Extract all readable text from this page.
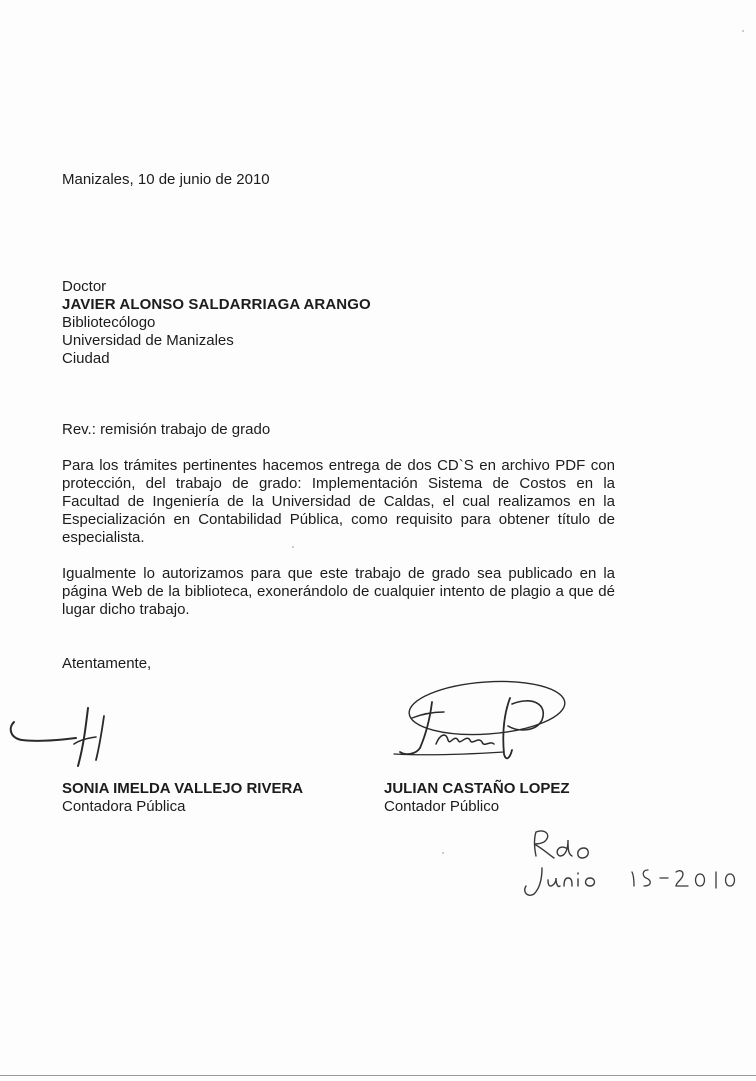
Manizales, 10 de junio de 2010
Doctor
JAVIER ALONSO SALDARRIAGA ARANGO
Bibliotecólogo
Universidad de Manizales
Ciudad
Rev.: remisión trabajo de grado
Para los trámites pertinentes hacemos entrega de dos CD`S en archivo PDF con protección, del trabajo de grado: Implementación Sistema de Costos en la Facultad de Ingeniería de la Universidad de Caldas, el cual realizamos en la Especialización en Contabilidad Pública, como requisito para obtener título de especialista.
Igualmente lo autorizamos para que este trabajo de grado sea publicado en la página Web de la biblioteca, exonerándolo de cualquier intento de plagio a que dé lugar dicho trabajo.
Atentamente,
SONIA IMELDA VALLEJO RIVERA
Contadora Pública
JULIAN CASTAÑO LOPEZ
Contador Público
